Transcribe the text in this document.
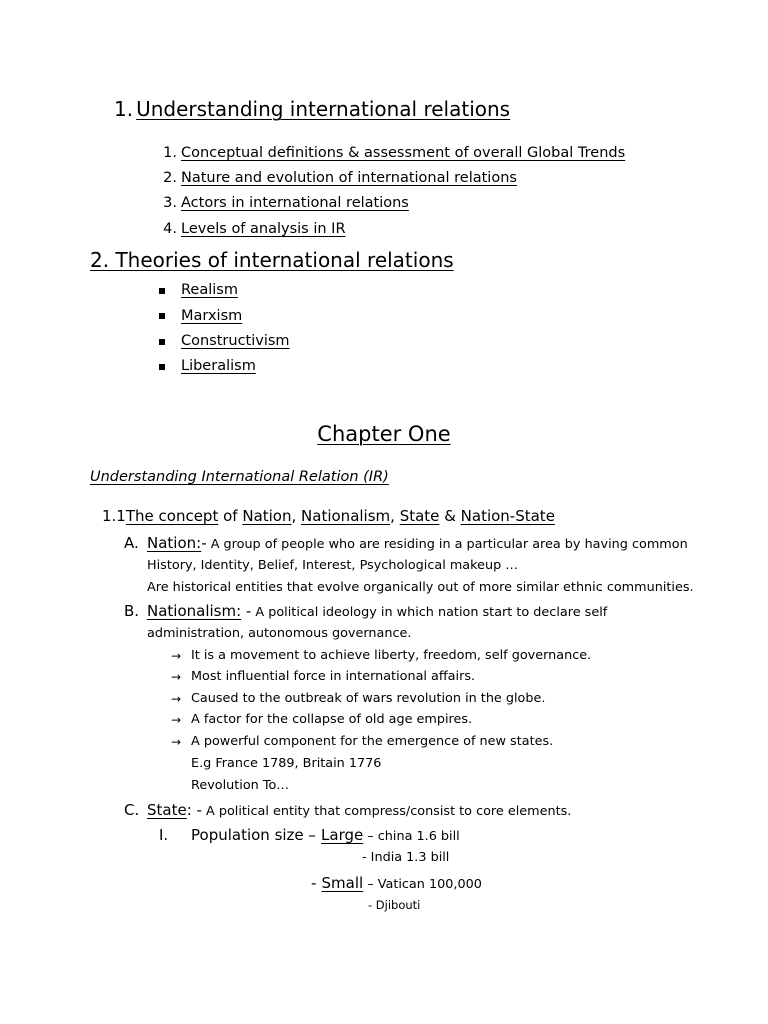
1. Understanding international relations
1. Conceptual definitions & assessment of overall Global Trends
2. Nature and evolution of international relations
3. Actors in international relations
4. Levels of analysis in IR
2. Theories of international relations
Realism
Marxism
Constructivism
Liberalism
Chapter One
Understanding International Relation (IR)
1.1The concept of Nation, Nationalism, State & Nation-State
A. Nation:- A group of people who are residing in a particular area by having common
History, Identity, Belief, Interest, Psychological makeup …
Are historical entities that evolve organically out of more similar ethnic communities.
B. Nationalism: - A political ideology in which nation start to declare self
administration, autonomous governance.
→ It is a movement to achieve liberty, freedom, self governance.
→ Most influential force in international affairs.
→ Caused to the outbreak of wars revolution in the globe.
→ A factor for the collapse of old age empires.
→ A powerful component for the emergence of new states.
E.g France 1789, Britain 1776
Revolution To…
C. State: - A political entity that compress/consist to core elements.
I. Population size – Large – china 1.6 bill
- India 1.3 bill
- Small – Vatican 100,000
- Djibouti
